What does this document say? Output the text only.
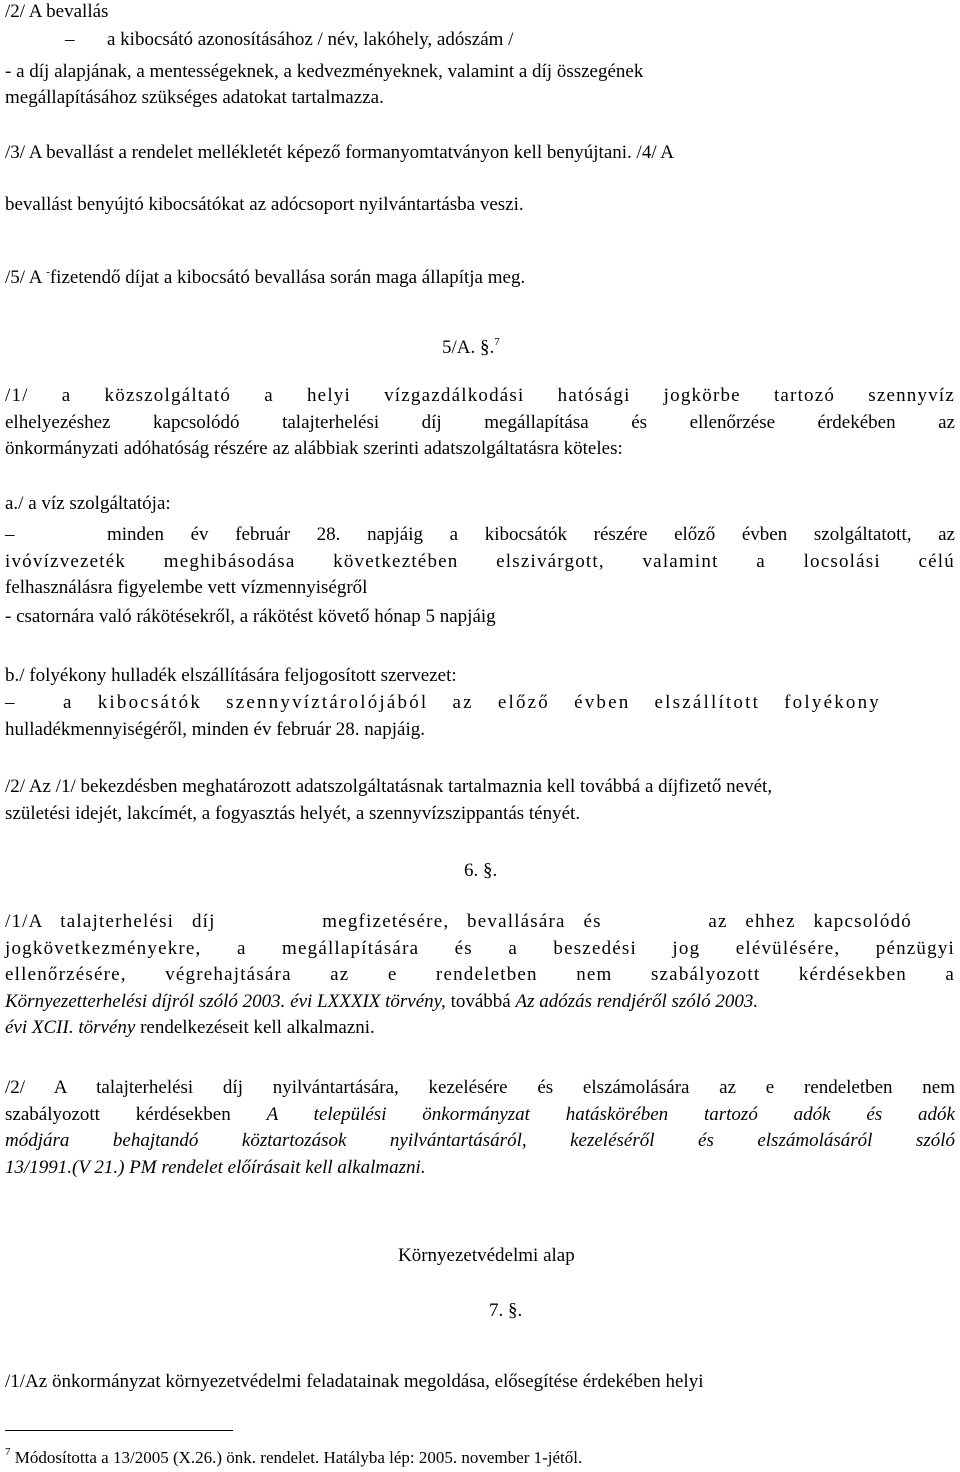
/2/ A bevallás
– a kibocsátó azonosításához / név, lakóhely, adószám /
- a díj alapjának, a mentességeknek, a kedvezményeknek, valamint a díj összegének
megállapításához szükséges adatokat tartalmazza.
/3/ A bevallást a rendelet mellékletét képező formanyomtatványon kell benyújtani. /4/ A
bevallást benyújtó kibocsátókat az adócsoport nyilvántartásba veszi.
/5/ A -fizetendő díjat a kibocsátó bevallása során maga állapítja meg.
5/A. §.$^7$
/1/ a közszolgáltató a helyi vízgazdálkodási hatósági jogkörbe tartozó szennyvíz
elhelyezéshez kapcsolódó talajterhelési díj megállapítása és ellenőrzése érdekében az
önkormányzati adóhatóság részére az alábbiak szerinti adatszolgáltatásra köteles:
a./ a víz szolgáltatója:
–	minden év február 28. napjáig a kibocsátók részére előző évben szolgáltatott, az
ivóvízvezeték meghibásodása következtében elszivárgott, valamint a locsolási célú
felhasználásra figyelembe vett vízmennyiségről
- csatornára való rákötésekről, a rákötést követő hónap 5 napjáig
b./ folyékony hulladék elszállítására feljogosított szervezet:
–	a kibocsátók szennyvíztárolójából az előző évben elszállított folyékony
hulladékmennyiségéről, minden év február 28. napjáig.
/2/ Az /1/ bekezdésben meghatározott adatszolgáltatásnak tartalmaznia kell továbbá a díjfizető nevét,
születési idejét, lakcímét, a fogyasztás helyét, a szennyvízszippantás tényét.
6. §.
/1/A talajterhelési díj      megfizetésére, bevallására és      az ehhez kapcsolódó
jogkövetkezményekre, a megállapítására és a beszedési jog elévülésére, pénzügyi
ellenőrzésére, végrehajtására az e rendeletben nem szabályozott kérdésekben a
Környezetterhelési díjról szóló 2003. évi LXXXIX törvény, továbbá Az adózás rendjéről szóló 2003.
évi XCII. törvény rendelkezéseit kell alkalmazni.
/2/ A talajterhelési díj nyilvántartására, kezelésére és elszámolására az e rendeletben nem
szabályozott kérdésekben A települési önkormányzat hatáskörében tartozó adók és adók
módjára behajtandó köztartozások nyilvántartásáról, kezeléséről és elszámolásáról szóló
13/1991.(V 21.) PM rendelet előírásait kell alkalmazni.
Környezetvédelmi alap
7. §.
/1/Az önkormányzat környezetvédelmi feladatainak megoldása, elősegítése érdekében helyi
$^7$ Módosította a 13/2005 (X.26.) önk. rendelet. Hatályba lép: 2005. november 1-jétől.
